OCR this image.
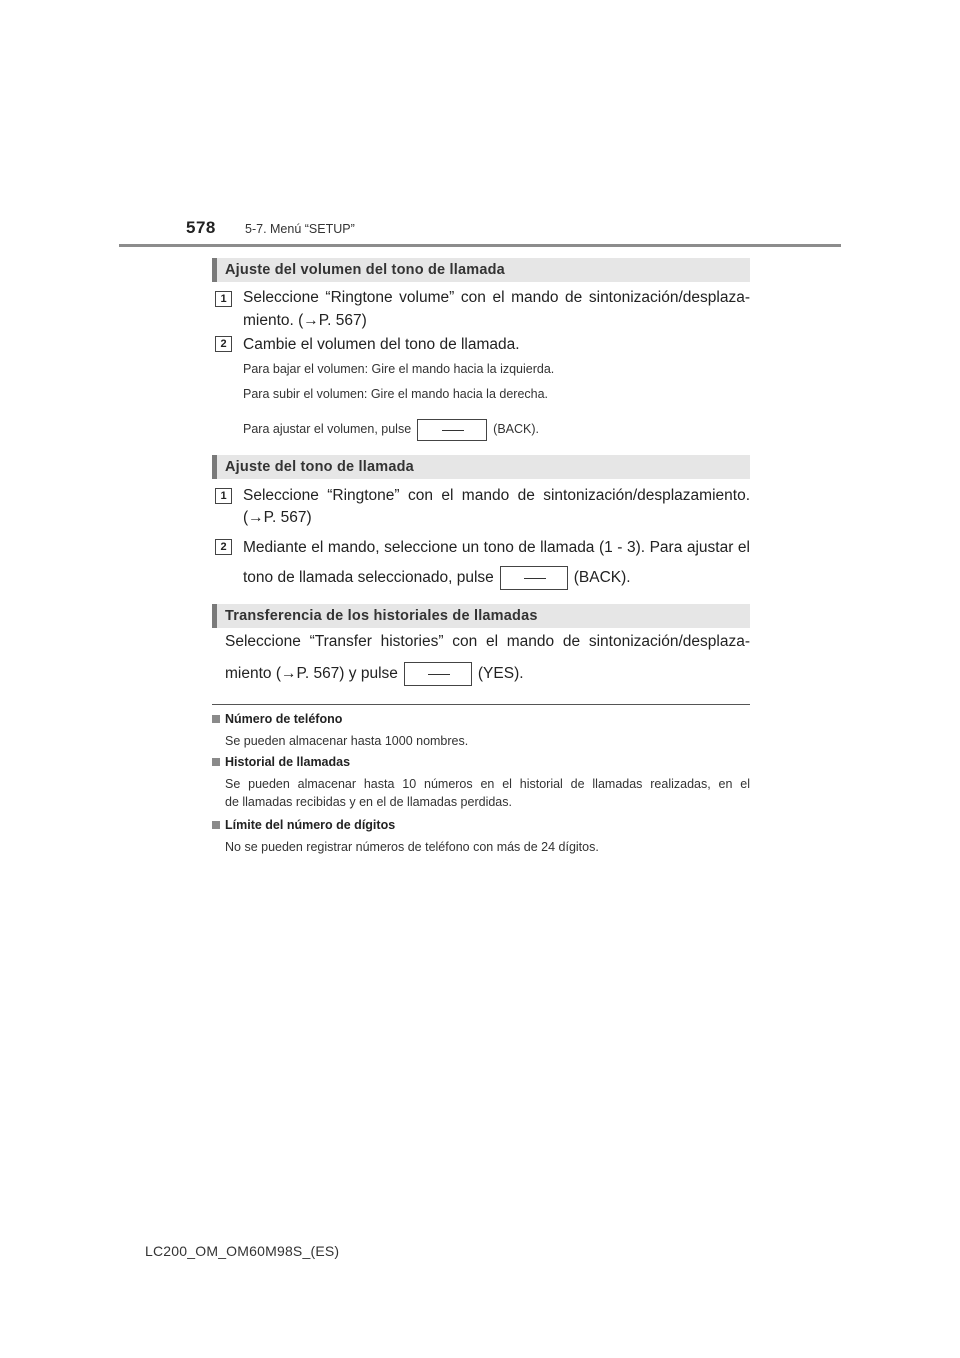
578 5-7. Menú “SETUP”
Ajuste del volumen del tono de llamada
1	Seleccione “Ringtone volume” con el mando de sintonización/desplaza-
miento. (→P. 567)
2	Cambie el volumen del tono de llamada.
Para bajar el volumen: Gire el mando hacia la izquierda.
Para subir el volumen: Gire el mando hacia la derecha.
Para ajustar el volumen, pulse	(BACK).
Ajuste del tono de llamada
1	Seleccione “Ringtone” con el mando de sintonización/desplazamiento.
(→P. 567)
2	Mediante el mando, seleccione un tono de llamada (1 - 3). Para ajustar el
tono de llamada seleccionado, pulse	(BACK).
Transferencia de los historiales de llamadas
Seleccione “Transfer histories” con el mando de sintonización/desplaza-
miento (→P. 567) y pulse	(YES).
Número de teléfono
Se pueden almacenar hasta 1000 nombres.
Historial de llamadas
Se pueden almacenar hasta 10 números en el historial de llamadas realizadas, en el
de llamadas recibidas y en el de llamadas perdidas.
Límite del número de dígitos
No se pueden registrar números de teléfono con más de 24 dígitos.
LC200_OM_OM60M98S_(ES)
